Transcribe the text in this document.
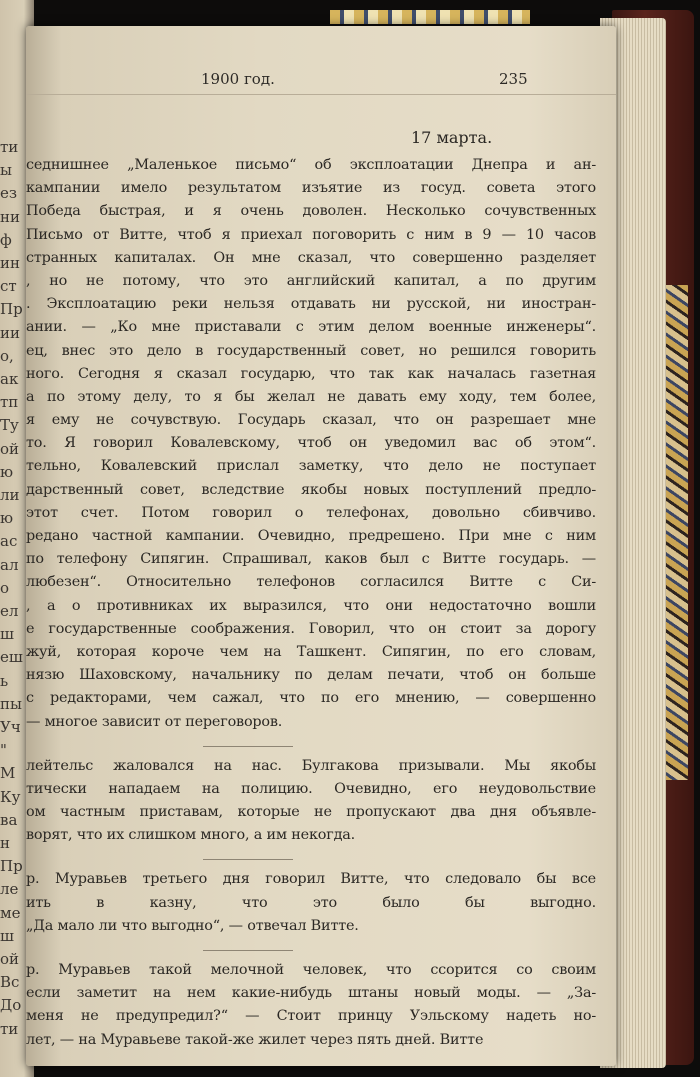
ти
ы
ез
ни
ф
ин
ст
Пр
ии
о,
ак
тп
Ту
ой
ю
ли
ю
ас
ал
о
ел
ш
еш
ь
пы
Уч
"
М
Ку
ва
н
Пр
ле
ме
ш
ой
Вс
До
ти
1900 год.	235
17 марта.
седнишнее „Маленькое письмо“ об эксплоатации Днепра и ан-
кампании имело результатом изъятие из госуд. совета этого
Победа быстрая, и я очень доволен. Несколько сочувственных
Письмо от Витте, чтоб я приехал поговорить с ним в 9 — 10 часов
странных капиталах. Он мне сказал, что совершенно разделяет
, но не потому, что это английский капитал, а по другим
. Эксплоатацию реки нельзя отдавать ни русской, ни иностран-
ании. — „Ко мне приставали с этим делом военные инженеры“.
ец, внес это дело в государственный совет, но решился говорить
ного. Сегодня я сказал государю, что так как началась газетная
а по этому делу, то я бы желал не давать ему ходу, тем более,
я ему не сочувствую. Государь сказал, что он разрешает мне
то. Я говорил Ковалевскому, чтоб он уведомил вас об этом“.
тельно, Ковалевский прислал заметку, что дело не поступает
дарственный совет, вследствие якобы новых поступлений предло-
этот счет. Потом говорил о телефонах, довольно сбивчиво.
редано частной кампании. Очевидно, предрешено. При мне с ним
по телефону Сипягин. Спрашивал, каков был с Витте государь. —
любезен“. Относительно телефонов согласился Витте с Си-
, а о противниках их выразился, что они недостаточно вошли
е государственные соображения. Говорил, что он стоит за дорогу
жуй, которая короче чем на Ташкент. Сипягин, по его словам,
нязю Шаховскому, начальнику по делам печати, чтоб он больше
с редакторами, чем сажал, что по его мнению, — совершенно
— многое зависит от переговоров.
лейтельс жаловался на нас. Булгакова призывали. Мы якобы
тически нападаем на полицию. Очевидно, его неудовольствие
ом частным приставам, которые не пропускают два дня объявле-
ворят, что их слишком много, а им некогда.
р. Муравьев третьего дня говорил Витте, что следовало бы все
ить в казну, что это было бы выгодно.
„Да мало ли что выгодно“, — отвечал Витте.
р. Муравьев такой мелочной человек, что ссорится со своим
если заметит на нем какие-нибудь штаны новый моды. — „За-
меня не предупредил?“ — Стоит принцу Уэльскому надеть но-
лет, — на Муравьеве такой-же жилет через пять дней. Витте
